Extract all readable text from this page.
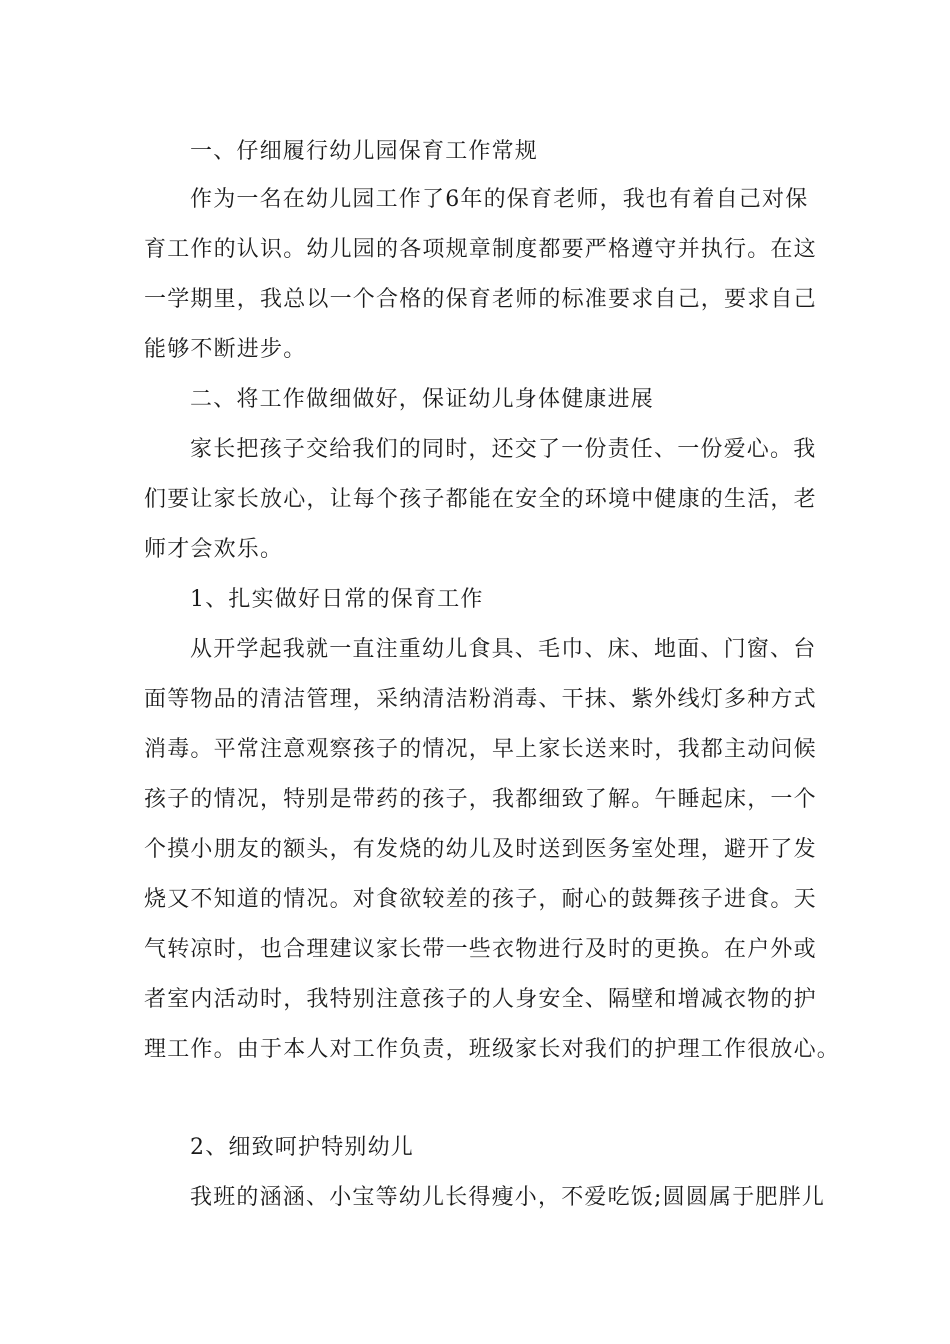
一、仔细履行幼儿园保育工作常规
作为一名在幼儿园工作了6年的保育老师，我也有着自己对保
育工作的认识。幼儿园的各项规章制度都要严格遵守并执行。在这
一学期里，我总以一个合格的保育老师的标准要求自己，要求自己
能够不断进步。
二、将工作做细做好，保证幼儿身体健康进展
家长把孩子交给我们的同时，还交了一份责任、一份爱心。我
们要让家长放心，让每个孩子都能在安全的环境中健康的生活，老
师才会欢乐。
1、扎实做好日常的保育工作
从开学起我就一直注重幼儿食具、毛巾、床、地面、门窗、台
面等物品的清洁管理，采纳清洁粉消毒、干抹、紫外线灯多种方式
消毒。平常注意观察孩子的情况，早上家长送来时，我都主动问候
孩子的情况，特别是带药的孩子，我都细致了解。午睡起床，一个
个摸小朋友的额头，有发烧的幼儿及时送到医务室处理，避开了发
烧又不知道的情况。对食欲较差的孩子，耐心的鼓舞孩子进食。天
气转凉时，也合理建议家长带一些衣物进行及时的更换。在户外或
者室内活动时，我特别注意孩子的人身安全、隔壁和增减衣物的护
理工作。由于本人对工作负责，班级家长对我们的护理工作很放心。
2、细致呵护特别幼儿
我班的涵涵、小宝等幼儿长得瘦小，不爱吃饭;圆圆属于肥胖儿
